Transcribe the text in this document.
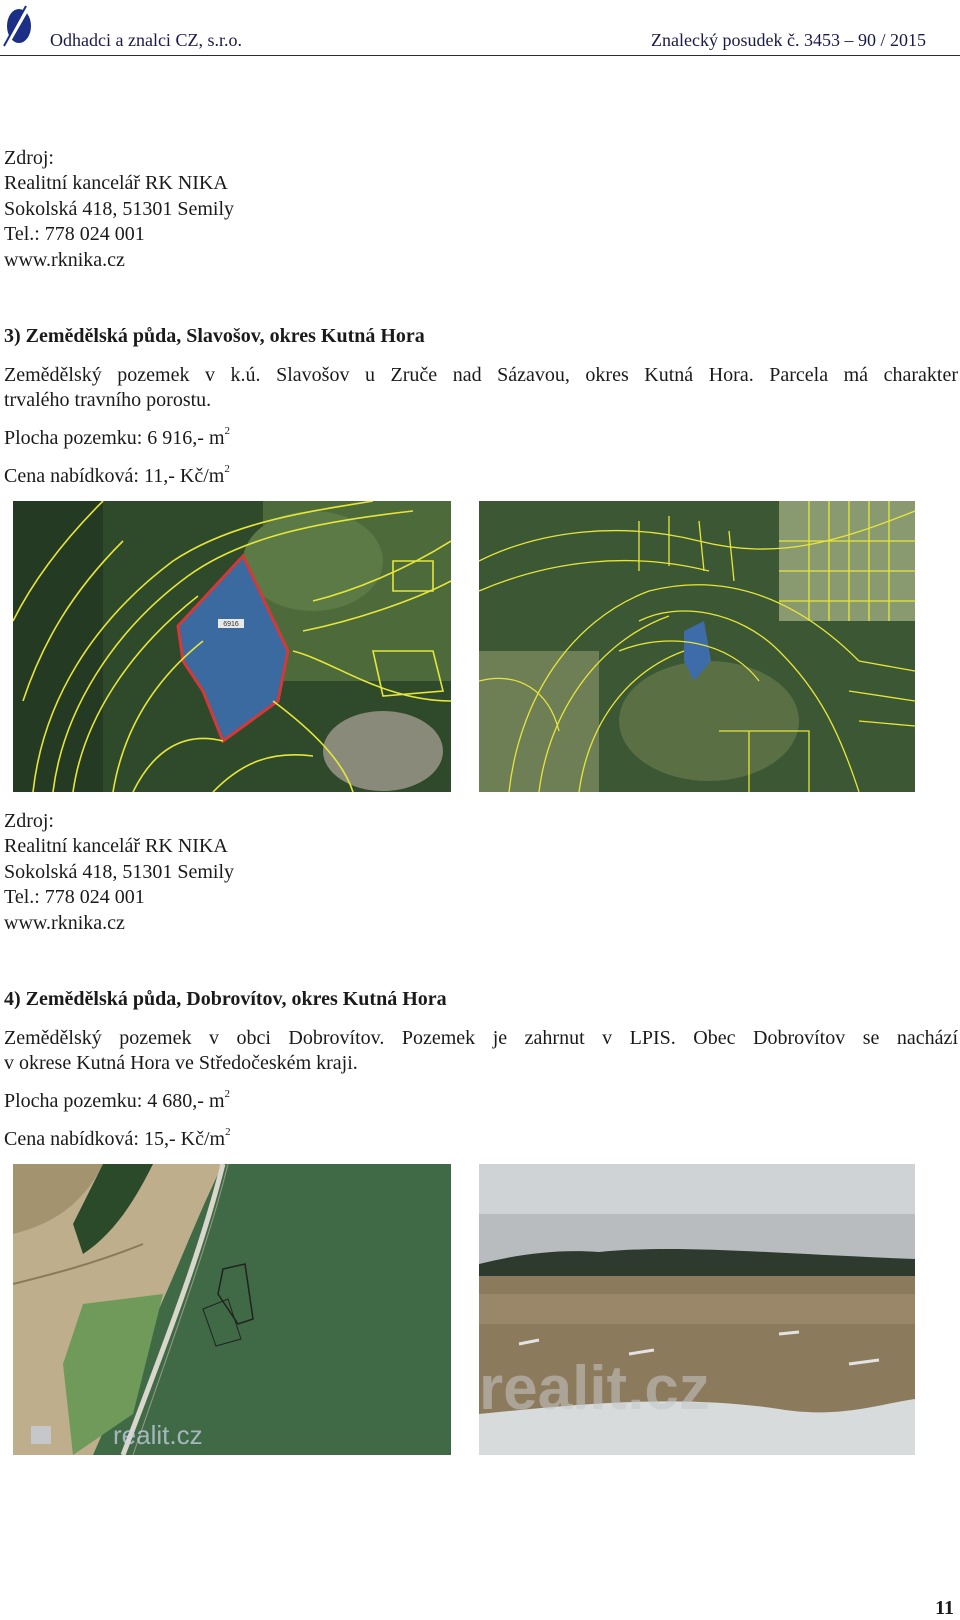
Odhadci a znalci CZ, s.r.o.	Znalecký posudek č. 3453 – 90 / 2015
Zdroj:
Realitní kancelář RK NIKA
Sokolská 418, 51301 Semily
Tel.: 778 024 001
www.rknika.cz
3) Zemědělská půda, Slavošov, okres Kutná Hora
Zemědělský pozemek v k.ú. Slavošov u Zruče nad Sázavou, okres Kutná Hora. Parcela má charakter
trvalého travního porostu.
Plocha pozemku: 6 916,- $m^2$
Cena nabídková: 11,- $Kč/m^2$
6916
Zdroj:
Realitní kancelář RK NIKA
Sokolská 418, 51301 Semily
Tel.: 778 024 001
www.rknika.cz
4) Zemědělská půda, Dobrovítov, okres Kutná Hora
Zemědělský pozemek v obci Dobrovítov. Pozemek je zahrnut v LPIS. Obec Dobrovítov se nachází
v okrese Kutná Hora ve Středočeském kraji.
Plocha pozemku: 4 680,- $m^2$
Cena nabídková: 15,- $Kč/m^2$
realit.cz
realit.cz
11
